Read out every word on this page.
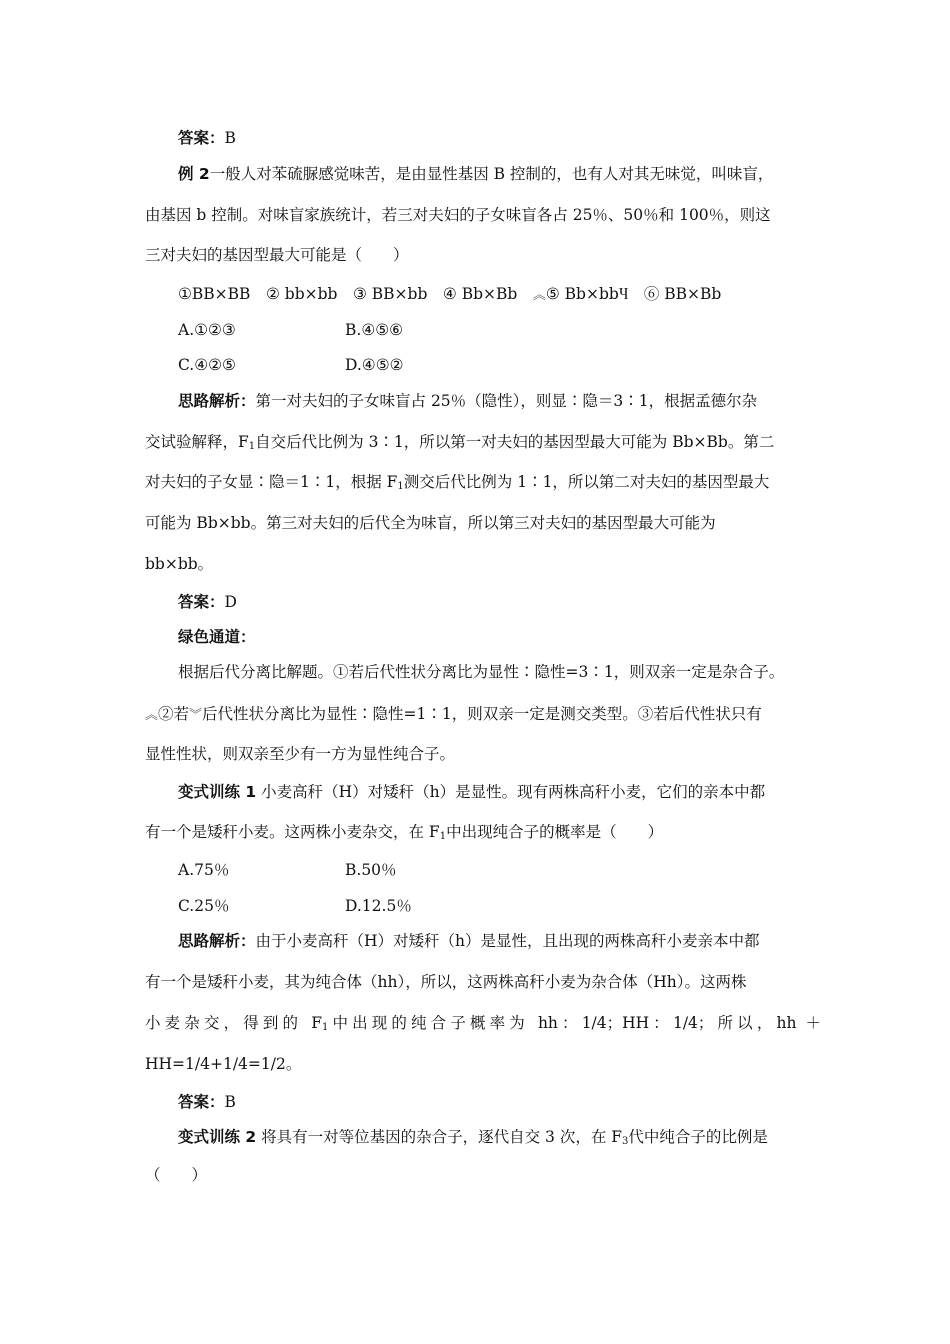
答案：B
例 2一般人对苯硫脲感觉味苦，是由显性基因 B 控制的，也有人对其无味觉，叫味盲，
由基因 b 控制。对味盲家族统计，若三对夫妇的子女味盲各占 25％、50％和 100％，则这
三对夫妇的基因型最大可能是（　　）
①BB×BB　② bb×bb　③ BB×bb　④ Bb×Bb　︽⑤ Bb×bbႷ　⑥ BB×Bb
A.①②③	B.④⑤⑥
C.④②⑤	D.④⑤②
思路解析：第一对夫妇的子女味盲占 25％（隐性），则显∶隐＝3∶1，根据孟德尔杂
交试验解释，$F_1$自交后代比例为 3∶1，所以第一对夫妇的基因型最大可能为 Bb×Bb。第二
对夫妇的子女显∶隐＝1∶1，根据 $F_1$测交后代比例为 1∶1，所以第二对夫妇的基因型最大
可能为 Bb×bb。第三对夫妇的后代全为味盲，所以第三对夫妇的基因型最大可能为
bb×bb。
答案：D
绿色通道：
根据后代分离比解题。①若后代性状分离比为显性∶隐性=3∶1，则双亲一定是杂合子。
︽②若︾后代性状分离比为显性∶隐性=1∶1，则双亲一定是测交类型。③若后代性状只有
显性性状，则双亲至少有一方为显性纯合子。
变式训练 1 小麦高秆（H）对矮秆（h）是显性。现有两株高秆小麦，它们的亲本中都
有一个是矮秆小麦。这两株小麦杂交，在 $F_1$中出现纯合子的概率是（　　）
A.75％	B.50％
C.25％	D.12.5％
思路解析：由于小麦高秆（H）对矮秆（h）是显性，且出现的两株高秆小麦亲本中都
有一个是矮秆小麦，其为纯合体（hh），所以，这两株高秆小麦为杂合体（Hh）。这两株
小麦杂交，得到的 $F_1$中出现的纯合子概率为 hh：1/4；HH：1/4；所以，hh ＋
HH=1/4+1/4=1/2。
答案：B
变式训练 2 将具有一对等位基因的杂合子，逐代自交 3 次，在 $F_3$代中纯合子的比例是
（　　）
